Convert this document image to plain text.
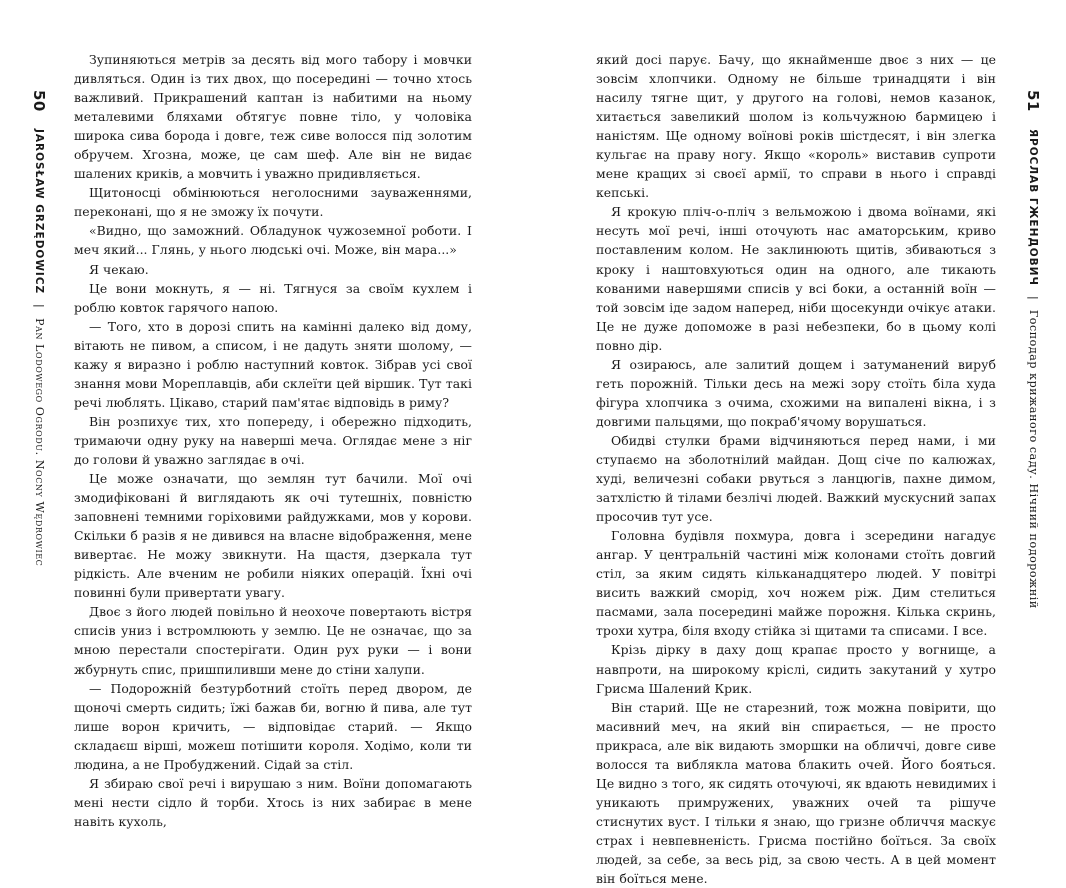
50 JAROSŁAW GRZĘDOWICZ | Pan Lodowego Ogrodu. Nocny Wędrowiec

Зупиняються метрів за десять від мого табору і мовчки дивляться. Один із тих двох, що посередині — точно хтось важливий. Прикрашений каптан із набитими на ньому металевими бляхами обтягує повне тіло, у чоловіка широка сива борода і довге, теж сиве волосся під золотим обручем. Хгозна, може, це сам шеф. Але він не видає шалених криків, а мовчить і уважно придивляється.

Щитоносці обмінюються неголосними зауваженнями, переконані, що я не зможу їх почути.

«Видно, що заможний. Обладунок чужоземної роботи. І меч який... Глянь, у нього людські очі. Може, він мара...»

Я чекаю.

Це вони мокнуть, я — ні. Тягнуся за своїм кухлем і роблю ковток гарячого напою.

— Того, хто в дорозі спить на камінні далеко від дому, вітають не пивом, а списом, і не дадуть зняти шолому, — кажу я виразно і роблю наступний ковток. Зібрав усі свої знання мови Мореплавців, аби склеїти цей віршик. Тут такі речі люблять. Цікаво, старий пам'ятає відповідь в риму?

Він розпихує тих, хто попереду, і обережно підходить, тримаючи одну руку на наверші меча. Оглядає мене з ніг до голови й уважно заглядає в очі.

Це може означати, що землян тут бачили. Мої очі змодифіковані й виглядають як очі тутешніх, повністю заповнені темними горіховими райдужками, мов у корови. Скільки б разів я не дивився на власне відображення, мене вивертає. Не можу звикнути. На щастя, дзеркала тут рідкість. Але вченим не робили ніяких операцій. Їхні очі повинні були привертати увагу.

Двоє з його людей повільно й неохоче повертають вістря списів униз і встромлюють у землю. Це не означає, що за мною перестали спостерігати. Один рух руки — і вони жбурнуть спис, пришпиливши мене до стіни халупи.

— Подорожній безтурботний стоїть перед двором, де щоночі смерть сидить; їжі бажав би, вогню й пива, але тут лише ворон кричить, — відповідає старий. — Якщо складаєш вірші, можеш потішити короля. Ходімо, коли ти людина, а не Пробуджений. Сідай за стіл.

Я збираю свої речі і вирушаю з ним. Воїни допомагають мені нести сідло й торби. Хтось із них забирає в мене навіть кухоль,

який досі парує. Бачу, що якнайменше двоє з них — це зовсім хлопчики. Одному не більше тринадцяти і він насилу тягне щит, у другого на голові, немов казанок, хитається завеликий шолом із кольчужною бармицею і наністям. Ще одному воїнові років шістдесят, і він злегка кульгає на праву ногу. Якщо «король» виставив супроти мене кращих зі своєї армії, то справи в нього і справді кепські.

Я крокую пліч-о-пліч з вельможою і двома воїнами, які несуть мої речі, інші оточують нас аматорським, криво поставленим колом. Не заклинюють щитів, збиваються з кроку і наштовхуються один на одного, але тикають кованими навершями списів у всі боки, а останній воїн — той зовсім іде задом наперед, ніби щосекунди очікує атаки. Це не дуже допоможе в разі небезпеки, бо в цьому колі повно дір.

Я озираюсь, але залитий дощем і затуманений вируб геть порожній. Тільки десь на межі зору стоїть біла худа фігура хлопчика з очима, схожими на випалені вікна, і з довгими пальцями, що покраб'ячому ворушаться.

Обидві стулки брами відчиняються перед нами, і ми ступаємо на зболотнілий майдан. Дощ січе по калюжах, худі, величезні собаки рвуться з ланцюгів, пахне димом, затхлістю й тілами безлічі людей. Важкий мускусний запах просочив тут усе.

Головна будівля похмура, довга і зсередини нагадує ангар. У центральній частині між колонами стоїть довгий стіл, за яким сидять кільканадцятеро людей. У повітрі висить важкий сморід, хоч ножем ріж. Дим стелиться пасмами, зала посередині майже порожня. Кілька скринь, трохи хутра, біля входу стійка зі щитами та списами. І все.

Крізь дірку в даху дощ крапає просто у вогнище, а навпроти, на широкому кріслі, сидить закутаний у хутро Грисма Шалений Крик.

Він старий. Ще не старезний, тож можна повірити, що масивний меч, на який він спирається, — не просто прикраса, але вік видають зморшки на обличчі, довге сиве волосся та виблякла матова блакить очей. Його бояться. Це видно з того, як сидять оточуючі, як вдають невидимих і уникають примружених, уважних очей та рішуче стиснутих вуст. І тільки я знаю, що гризне обличчя маскує страх і невпевненість. Грисма постійно боїться. За своїх людей, за себе, за весь рід, за свою честь. А в цей момент він боїться мене.

51 ЯРОСЛАВ ГЖЕНДОВИЧ | Господар крижаного саду. Нічний подорожній
